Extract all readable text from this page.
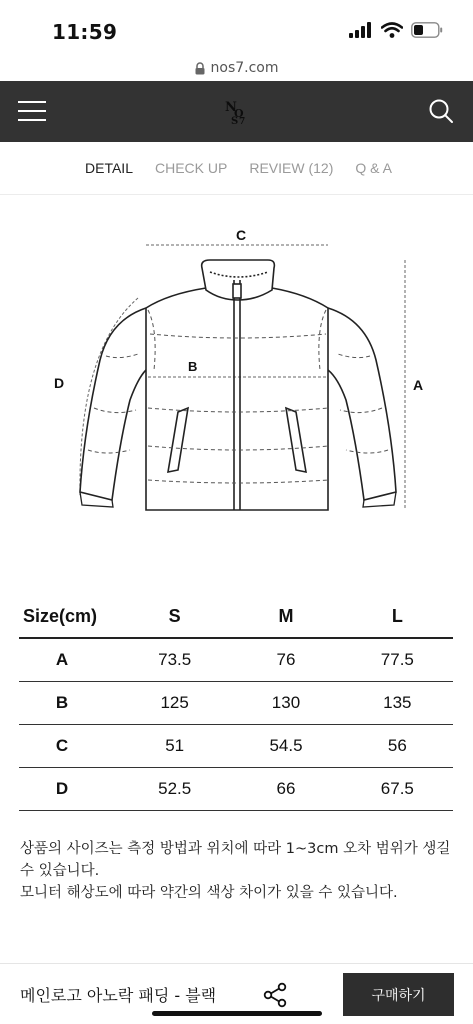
11:59
nos7.com
N
O
S 7
DETAIL CHECK UP REVIEW (12) Q & A
C
A
D
B
Size(cm)	S	M	L
A	73.5	76	77.5
B	125	130	135
C	51	54.5	56
D	52.5	66	67.5
상품의 사이즈는 측정 방법과 위치에 따라 1~3cm 오차 범위가 생길 수 있습니다.
모니터 해상도에 따라 약간의 색상 차이가 있을 수 있습니다.
메인로고 아노락 패딩 - 블랙	구매하기
